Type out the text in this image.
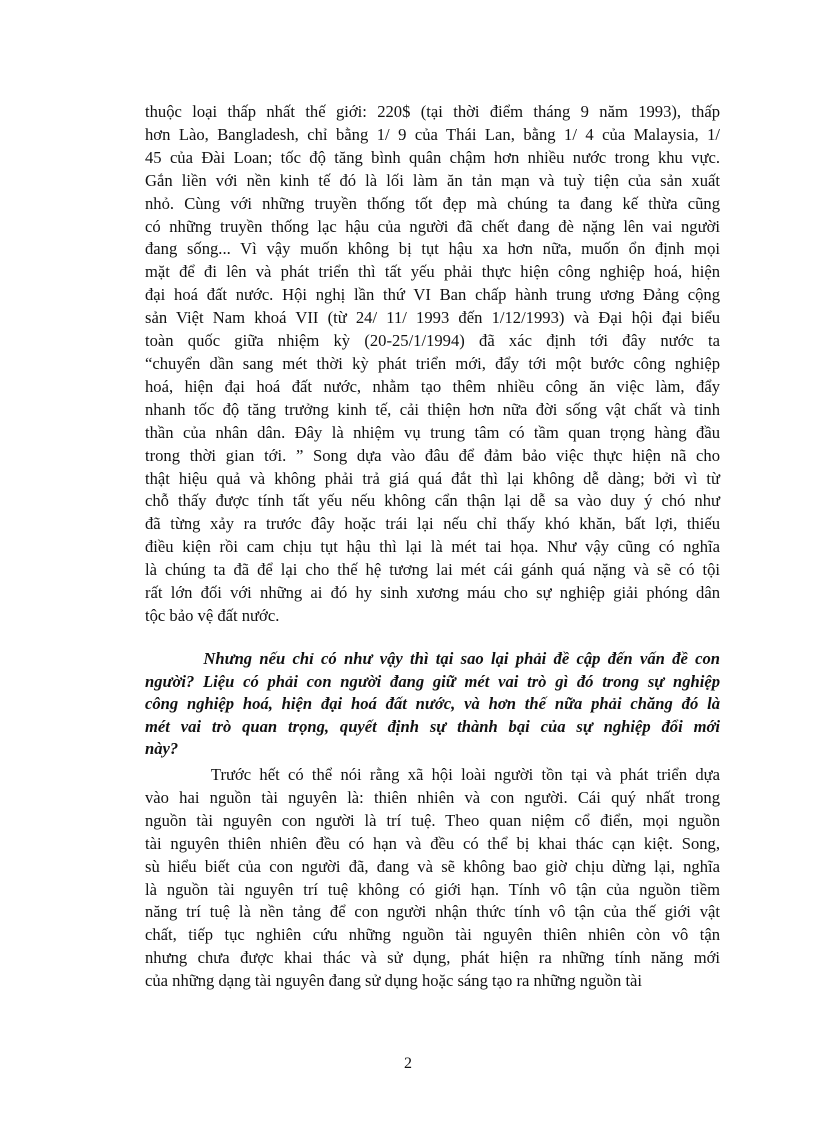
thuộc loại thấp nhất thế giới: 220$ (tại thời điểm tháng 9 năm 1993), thấp
hơn Lào, Bangladesh, chỉ bằng 1/ 9 của Thái Lan, bằng 1/ 4 của Malaysia, 1/
45 của Đài Loan; tốc độ tăng bình quân chậm hơn nhiều nước trong khu vực.
Gắn liền với nền kinh tế đó là lối làm ăn tản mạn và tuỳ tiện của sản xuất
nhỏ. Cùng với những truyền thống tốt đẹp mà chúng ta đang kế thừa cũng
có những truyền thống lạc hậu của người đã chết đang đè nặng lên vai người
đang sống... Vì vậy muốn không bị tụt hậu xa hơn nữa, muốn ổn định mọi
mặt để đi lên và phát triển thì tất yếu phải thực hiện công nghiệp hoá, hiện
đại hoá đất nước. Hội nghị lần thứ VI Ban chấp hành trung ương Đảng cộng
sản Việt Nam khoá VII (từ 24/ 11/ 1993 đến 1/12/1993) và Đại hội đại biểu
toàn quốc giữa nhiệm kỳ (20-25/1/1994) đã xác định tới đây nước ta
“chuyển dần sang mét thời kỳ phát triển mới, đẩy tới một bước công nghiệp
hoá, hiện đại hoá đất nước, nhằm tạo thêm nhiều công ăn việc làm, đẩy
nhanh tốc độ tăng trưởng kinh tế, cải thiện hơn nữa đời sống vật chất và tinh
thần của nhân dân. Đây là nhiệm vụ trung tâm có tầm quan trọng hàng đầu
trong thời gian tới. ” Song dựa vào đâu để đảm bảo việc thực hiện nã cho
thật hiệu quả và không phải trả giá quá đắt thì lại không dễ dàng; bởi vì từ
chỗ thấy được tính tất yếu nếu không cẩn thận lại dễ sa vào duy ý chó như
đã từng xảy ra trước đây hoặc trái lại nếu chỉ thấy khó khăn, bất lợi, thiếu
điều kiện rồi cam chịu tụt hậu thì lại là mét tai họa. Như vậy cũng có nghĩa
là chúng ta đã để lại cho thế hệ tương lai mét cái gánh quá nặng và sẽ có tội
rất lớn đối với những ai đó hy sinh xương máu cho sự nghiệp giải phóng dân
tộc bảo vệ đất nước.
Nhưng nếu chỉ có như vậy thì tại sao lại phải đề cập đến vấn đề con
người? Liệu có phải con người đang giữ mét vai trò gì đó trong sự nghiệp
công nghiệp hoá, hiện đại hoá đất nước, và hơn thế nữa phải chăng đó là
mét vai trò quan trọng, quyết định sự thành bại của sự nghiệp đổi mới
này?
Trước hết có thể nói rằng xã hội loài người tồn tại và phát triển dựa
vào hai nguồn tài nguyên là: thiên nhiên và con người. Cái quý nhất trong
nguồn tài nguyên con người là trí tuệ. Theo quan niệm cổ điển, mọi nguồn
tài nguyên thiên nhiên đều có hạn và đều có thể bị khai thác cạn kiệt. Song,
sù hiểu biết của con người đã, đang và sẽ không bao giờ chịu dừng lại, nghĩa
là nguồn tài nguyên trí tuệ không có giới hạn. Tính vô tận của nguồn tiềm
năng trí tuệ là nền tảng để con người nhận thức tính vô tận của thế giới vật
chất, tiếp tục nghiên cứu những nguồn tài nguyên thiên nhiên còn vô tận
nhưng chưa được khai thác và sử dụng, phát hiện ra những tính năng mới
của những dạng tài nguyên đang sử dụng hoặc sáng tạo ra những nguồn tài
2
